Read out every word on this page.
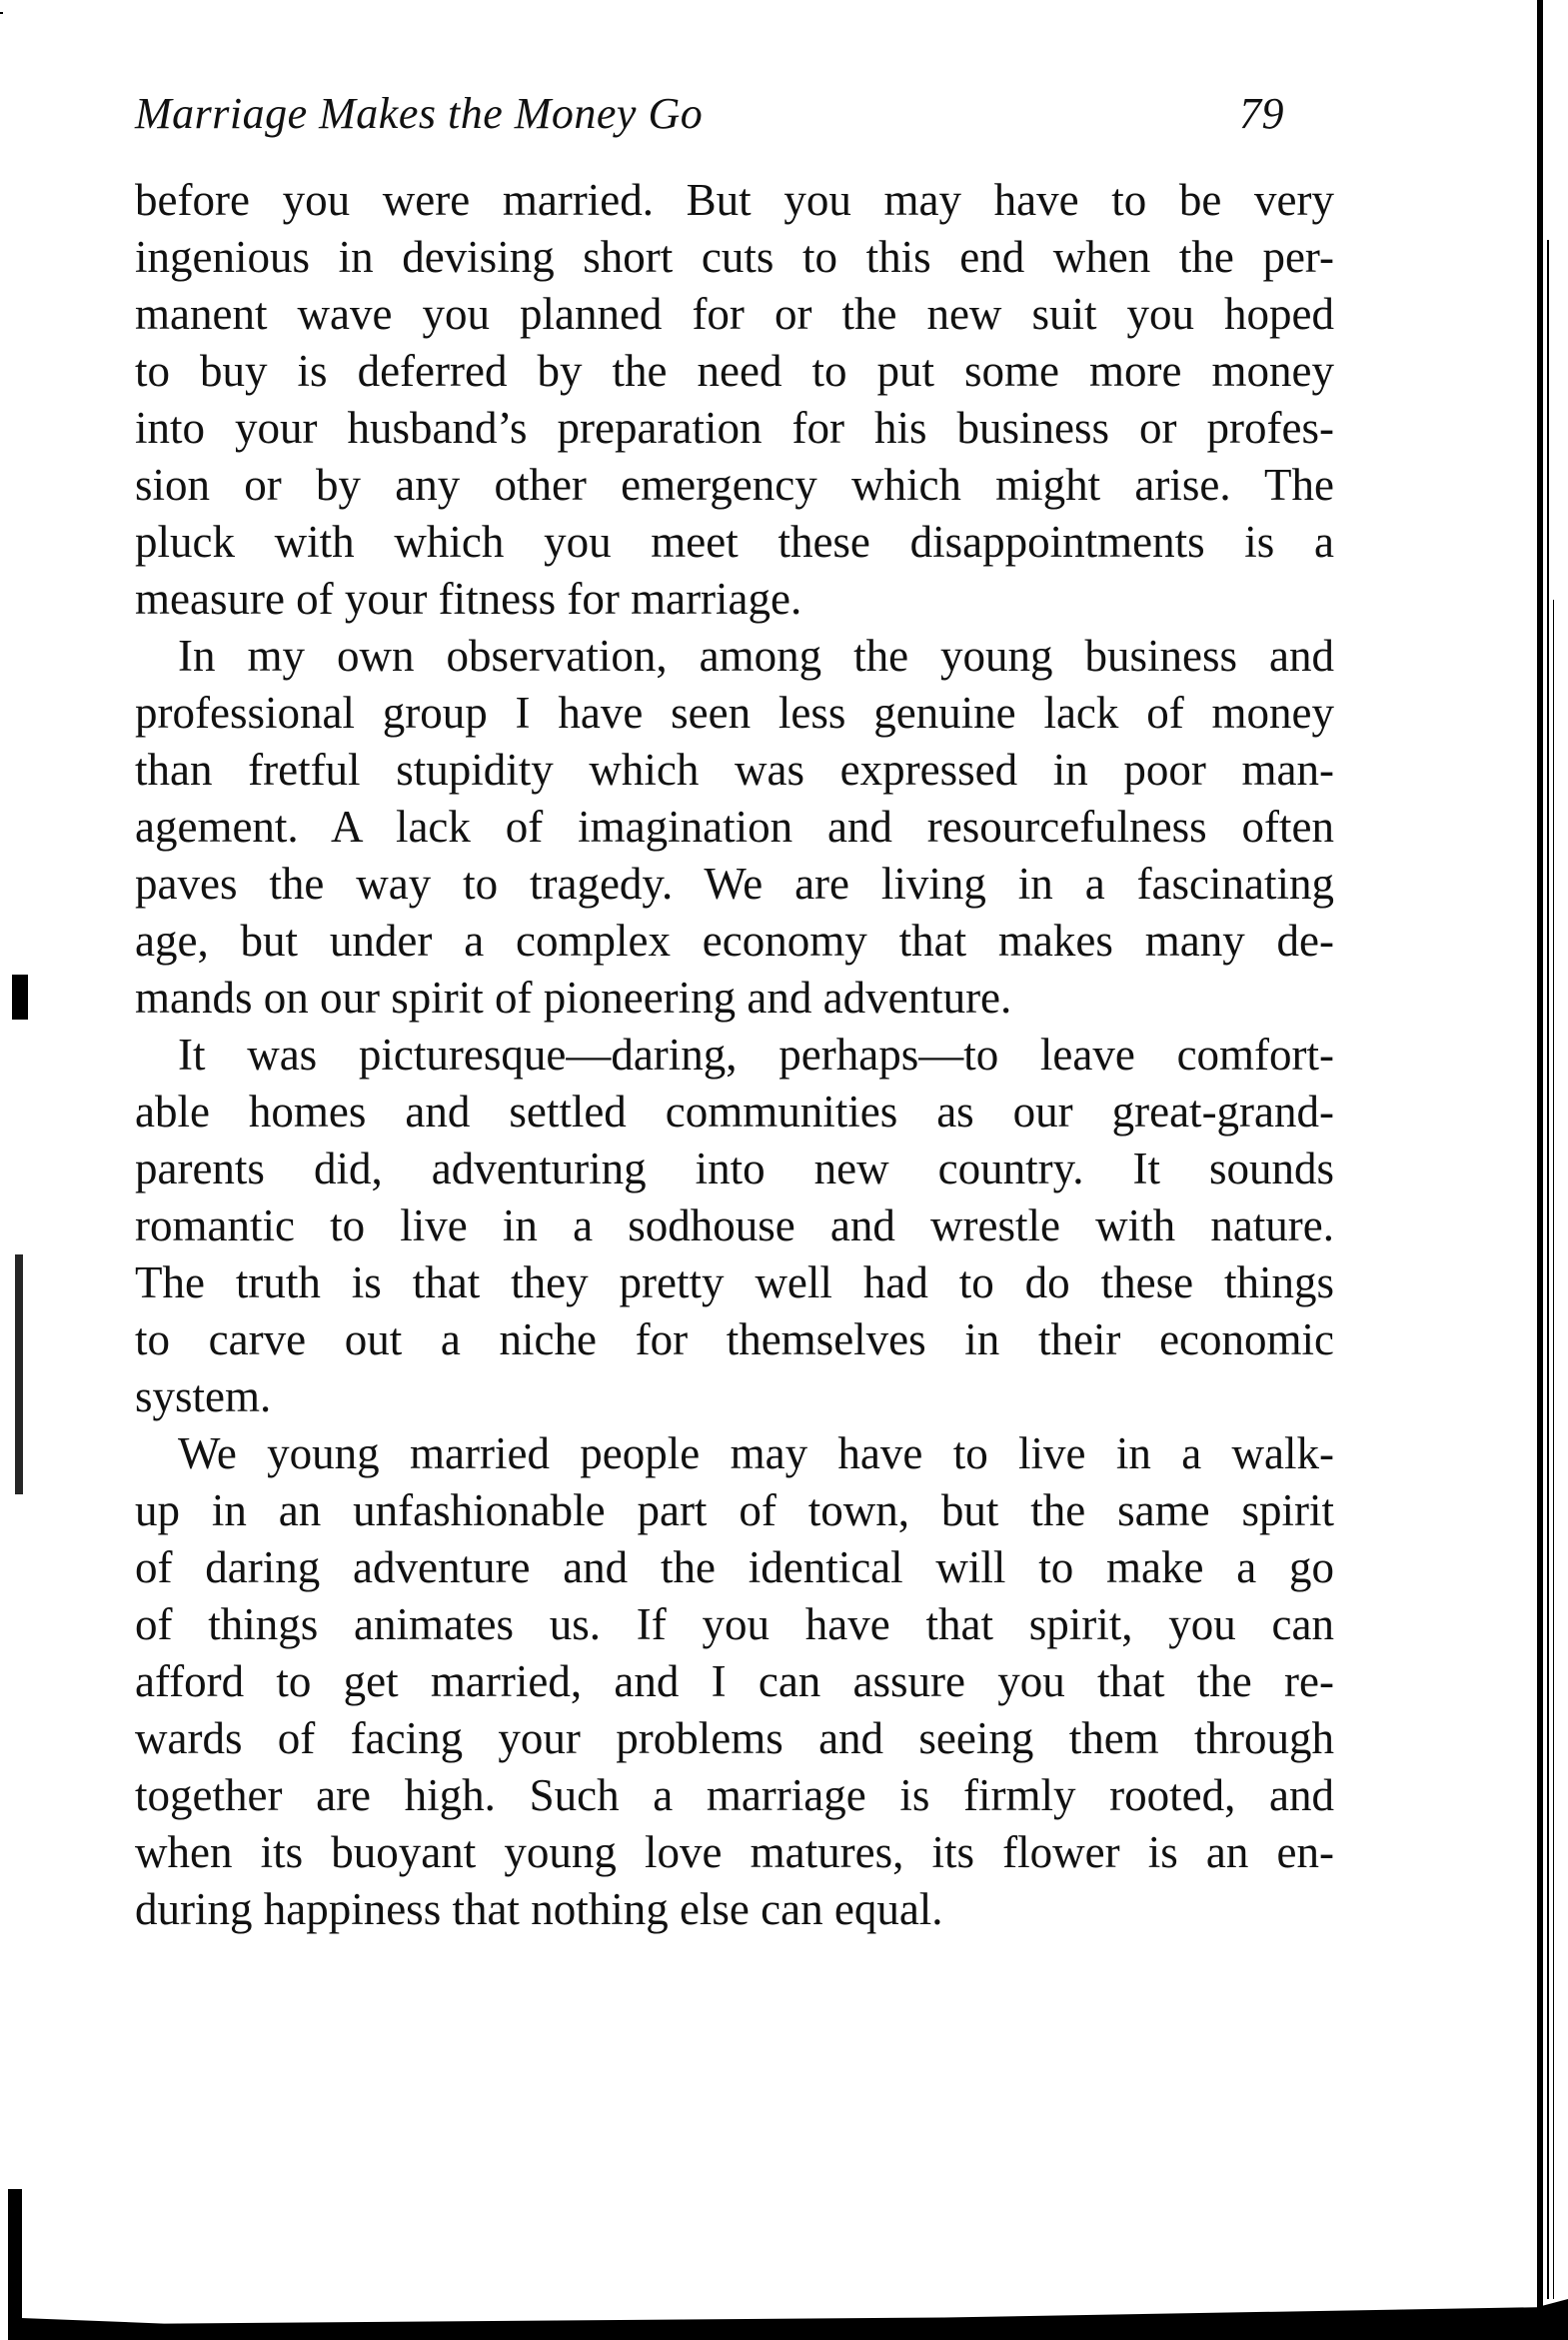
Marriage Makes the Money Go	79
before you were married. But you may have to be very
ingenious in devising short cuts to this end when the per-
manent wave you planned for or the new suit you hoped
to buy is deferred by the need to put some more money
into your husband’s preparation for his business or profes-
sion or by any other emergency which might arise. The
pluck with which you meet these disappointments is a
measure of your fitness for marriage.
In my own observation, among the young business and
professional group I have seen less genuine lack of money
than fretful stupidity which was expressed in poor man-
agement. A lack of imagination and resourcefulness often
paves the way to tragedy. We are living in a fascinating
age, but under a complex economy that makes many de-
mands on our spirit of pioneering and adventure.
It was picturesque—daring, perhaps—to leave comfort-
able homes and settled communities as our great-grand-
parents did, adventuring into new country. It sounds
romantic to live in a sodhouse and wrestle with nature.
The truth is that they pretty well had to do these things
to carve out a niche for themselves in their economic
system.
We young married people may have to live in a walk-
up in an unfashionable part of town, but the same spirit
of daring adventure and the identical will to make a go
of things animates us. If you have that spirit, you can
afford to get married, and I can assure you that the re-
wards of facing your problems and seeing them through
together are high. Such a marriage is firmly rooted, and
when its buoyant young love matures, its flower is an en-
during happiness that nothing else can equal.
